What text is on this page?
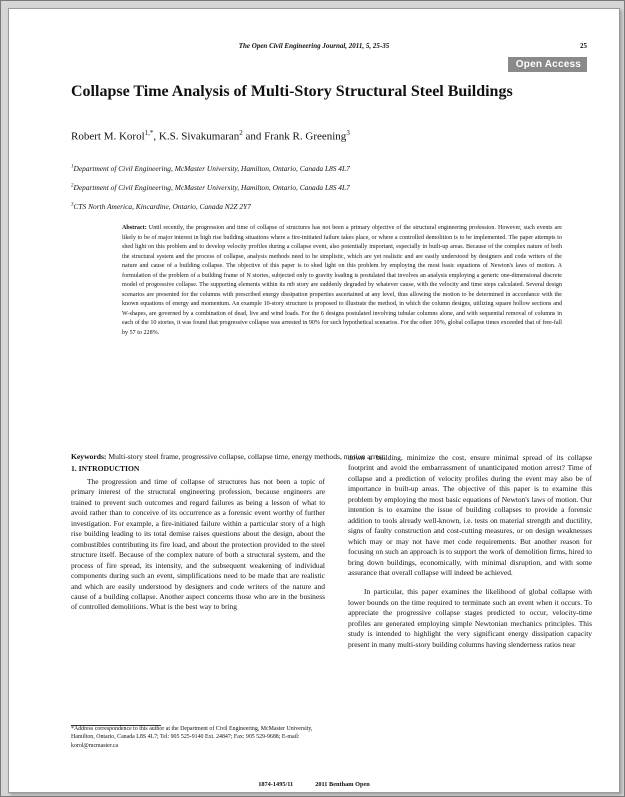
The Open Civil Engineering Journal, 2011, 5, 25-35	25
Open Access
Collapse Time Analysis of Multi-Story Structural Steel Buildings
Robert M. Korol$^{1,*}$, K.S. Sivakumaran$^2$ and Frank R. Greening$^3$
$^1$Department of Civil Engineering, McMaster University, Hamilton, Ontario, Canada L8S 4L7
$^2$Department of Civil Engineering, McMaster University, Hamilton, Ontario, Canada L8S 4L7
$^3$CTS North America, Kincardine, Ontario, Canada N2Z 2Y7
Abstract: Until recently, the progression and time of collapse of structures has not been a primary objective of the structural engineering profession. However, such events are likely to be of major interest in high rise building situations where a fire-initiated failure takes place, or where a controlled demolition is to be implemented. The paper attempts to shed light on this problem and to develop velocity profiles during a collapse event, also potentially important, especially in built-up areas. Because of the complex nature of both the structural system and the process of collapse, analysis methods need to be simplistic, which are yet realistic and are easily understood by designers and code writers of the nature and cause of a building collapse. The objective of this paper is to shed light on this problem by employing the most basic equations of Newton's laws of motion. A formulation of the problem of a building frame of N stories, subjected only to gravity loading is postulated that involves an analysis employing a generic one-dimensional discrete model of progressive collapse. The supporting elements within its nth story are suddenly degraded by whatever cause, with the velocity and time steps calculated. Several design scenarios are presented for the columns with prescribed energy dissipation properties ascertained at any level, thus allowing the motion to be determined in accordance with the known equations of energy and momentum. An example 10-story structure is proposed to illustrate the method, in which the column designs, utilizing square hollow sections and W-shapes, are governed by a combination of dead, live and wind loads. For the 6 designs postulated involving tubular columns alone, and with sequential removal of columns in each of the 10 stories, it was found that progressive collapse was arrested in 90% for such hypothetical scenarios. For the other 10%, global collapse times exceeded that of free-fall by 57 to 228%.
Keywords: Multi-story steel frame, progressive collapse, collapse time, energy methods, motion arrest.
1. INTRODUCTION

The progression and time of collapse of structures has not been a topic of primary interest of the structural engineering profession, because engineers are trained to prevent such outcomes and regard failures as being a lesson of what to avoid rather than to conceive of its occurrence as a forensic event worthy of further investigation. For example, a fire-initiated failure within a particular story of a high rise building leading to its total demise raises questions about the design, about the combustibles contributing its fire load, and about the protection provided to the steel structure itself. Because of the complex nature of both a structural system, and the process of fire spread, its intensity, and the subsequent weakening of individual components during such an event, simplifications need to be made that are realistic and which are easily understood by designers and code writers of the nature and cause of a building collapse. Another aspect concerns those who are in the business of controlled demolitions. What is the best way to bring

down a building, minimize the cost, ensure minimal spread of its collapse footprint and avoid the embarrassment of unanticipated motion arrest? Time of collapse and a prediction of velocity profiles during the event may also be of importance in built-up areas. The objective of this paper is to examine this problem by employing the most basic equations of Newton's laws of motion. Our intention is to examine the issue of building collapses to provide a forensic addition to tools already well-known, i.e. tests on material strength and ductility, signs of faulty construction and cost-cutting measures, or on design weaknesses which may or may not have met code requirements. But another reason for focusing on such an approach is to support the work of demolition firms, hired to bring down buildings, economically, with minimal disruption, and with some assurance that overall collapse will indeed be achieved.

In particular, this paper examines the likelihood of global collapse with lower bounds on the time required to terminate such an event when it occurs. To appreciate the progressive collapse stages predicted to occur, velocity-time profiles are generated employing simple Newtonian mechanics principles. This study is intended to highlight the very significant energy dissipation capacity present in many multi-story building columns having slenderness ratios near

*Address correspondence to this author at the Department of Civil Engineering, McMaster University, Hamilton, Ontario, Canada L8S 4L7; Tel: 905 525-9140 Ext. 24847; Fax: 905 529-9688; E-mail: korol@mcmaster.ca
1874-1495/11	2011 Bentham Open
